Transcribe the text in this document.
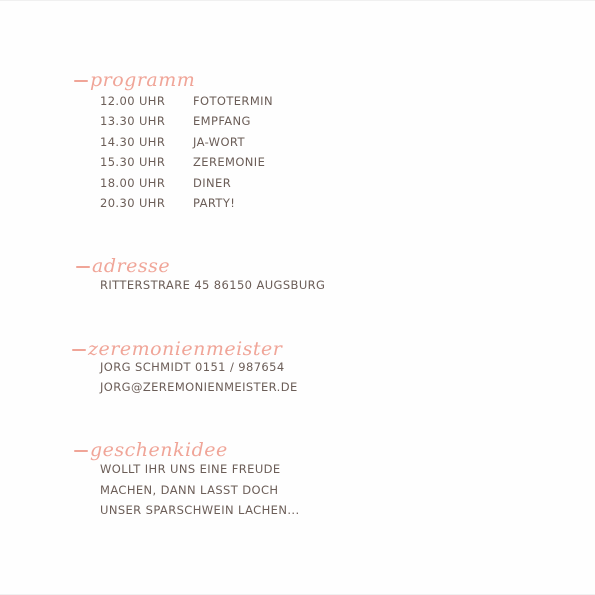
programm
12.00 UHR FOTOTERMIN
13.30 UHR EMPFANG
14.30 UHR JA-WORT
15.30 UHR ZEREMONIE
18.00 UHR DINER
20.30 UHR PARTY!
adresse
RITTERSTRARE 45 86150 AUGSBURG
zeremonienmeister
JORG SCHMIDT 0151 / 987654
JORG@ZEREMONIENMEISTER.DE
geschenkidee
WOLLT IHR UNS EINE FREUDE
MACHEN, DANN LASST DOCH
UNSER SPARSCHWEIN LACHEN...
